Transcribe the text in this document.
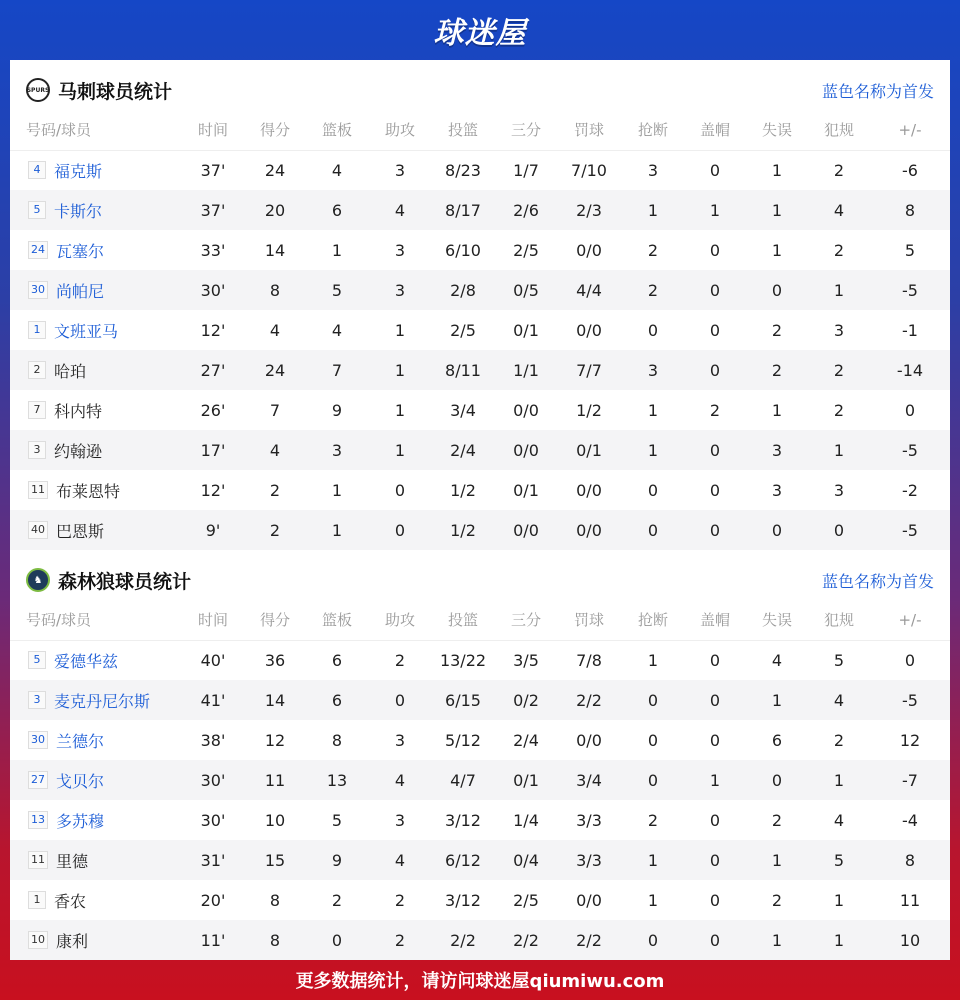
球迷屋
SPURS 马刺球员统计	蓝色名称为首发
号码/球员	时间	得分	篮板	助攻	投篮	三分	罚球	抢断	盖帽	失误	犯规	+/-
4 福克斯	37'	24	4	3	8/23	1/7	7/10	3	0	1	2	-6
5 卡斯尔	37'	20	6	4	8/17	2/6	2/3	1	1	1	4	8
24 瓦塞尔	33'	14	1	3	6/10	2/5	0/0	2	0	1	2	5
30 尚帕尼	30'	8	5	3	2/8	0/5	4/4	2	0	0	1	-5
1 文班亚马	12'	4	4	1	2/5	0/1	0/0	0	0	2	3	-1
2 哈珀	27'	24	7	1	8/11	1/1	7/7	3	0	2	2	-14
7 科内特	26'	7	9	1	3/4	0/0	1/2	1	2	1	2	0
3 约翰逊	17'	4	3	1	2/4	0/0	0/1	1	0	3	1	-5
11 布莱恩特	12'	2	1	0	1/2	0/1	0/0	0	0	3	3	-2
40 巴恩斯	9'	2	1	0	1/2	0/0	0/0	0	0	0	0	-5
♞ 森林狼球员统计	蓝色名称为首发
号码/球员	时间	得分	篮板	助攻	投篮	三分	罚球	抢断	盖帽	失误	犯规	+/-
5 爱德华兹	40'	36	6	2	13/22	3/5	7/8	1	0	4	5	0
3 麦克丹尼尔斯	41'	14	6	0	6/15	0/2	2/2	0	0	1	4	-5
30 兰德尔	38'	12	8	3	5/12	2/4	0/0	0	0	6	2	12
27 戈贝尔	30'	11	13	4	4/7	0/1	3/4	0	1	0	1	-7
13 多苏穆	30'	10	5	3	3/12	1/4	3/3	2	0	2	4	-4
11 里德	31'	15	9	4	6/12	0/4	3/3	1	0	1	5	8
1 香农	20'	8	2	2	3/12	2/5	0/0	1	0	2	1	11
10 康利	11'	8	0	2	2/2	2/2	2/2	0	0	1	1	10
更多数据统计，请访问球迷屋qiumiwu.com
